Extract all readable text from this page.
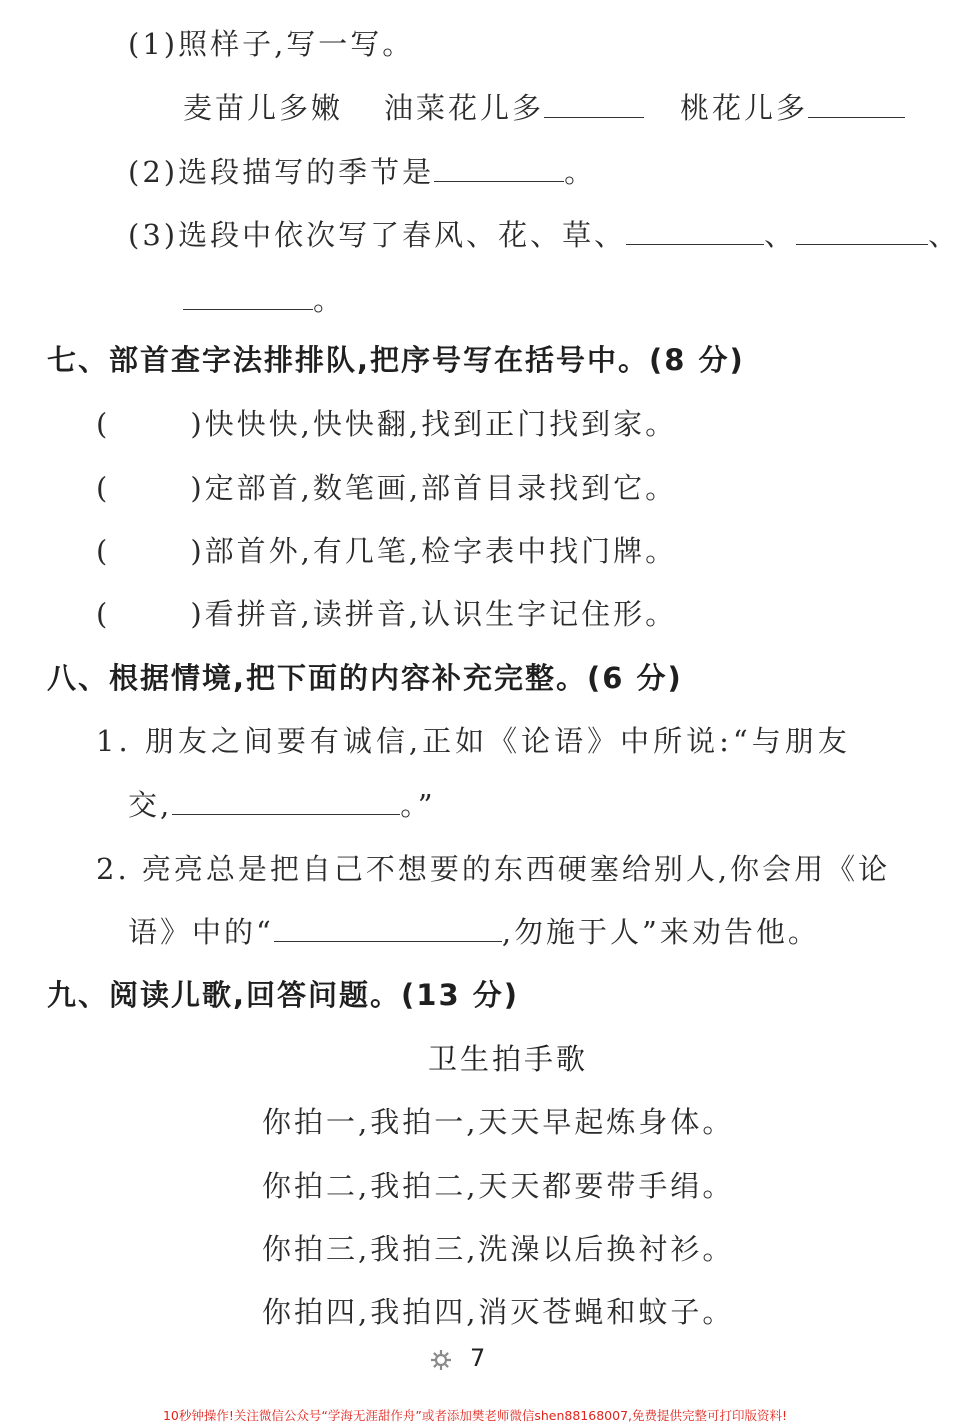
(1)照样子,写一写。
麦苗儿多嫩 油菜花儿多	桃花儿多
(2)选段描写的季节是	。
(3)选段中依次写了春风、花、草、	、	、
。
七、部首查字法排排队,把序号写在括号中。(8 分)
(	)快快快,快快翻,找到正门找到家。
(	)定部首,数笔画,部首目录找到它。
(	)部首外,有几笔,检字表中找门牌。
(	)看拼音,读拼音,认识生字记住形。
八、根据情境,把下面的内容补充完整。(6 分)
1. 朋友之间要有诚信,正如《论语》中所说:“与朋友
交,	。”
2. 亮亮总是把自己不想要的东西硬塞给别人,你会用《论
语》中的“	,勿施于人”来劝告他。
九、阅读儿歌,回答问题。(13 分)
卫生拍手歌
你拍一,我拍一,天天早起炼身体。
你拍二,我拍二,天天都要带手绢。
你拍三,我拍三,洗澡以后换衬衫。
你拍四,我拍四,消灭苍蝇和蚊子。
7
10秒钟操作!关注微信公众号“学海无涯甜作舟”或者添加樊老师微信shen88168007,免费提供完整可打印版资料!
